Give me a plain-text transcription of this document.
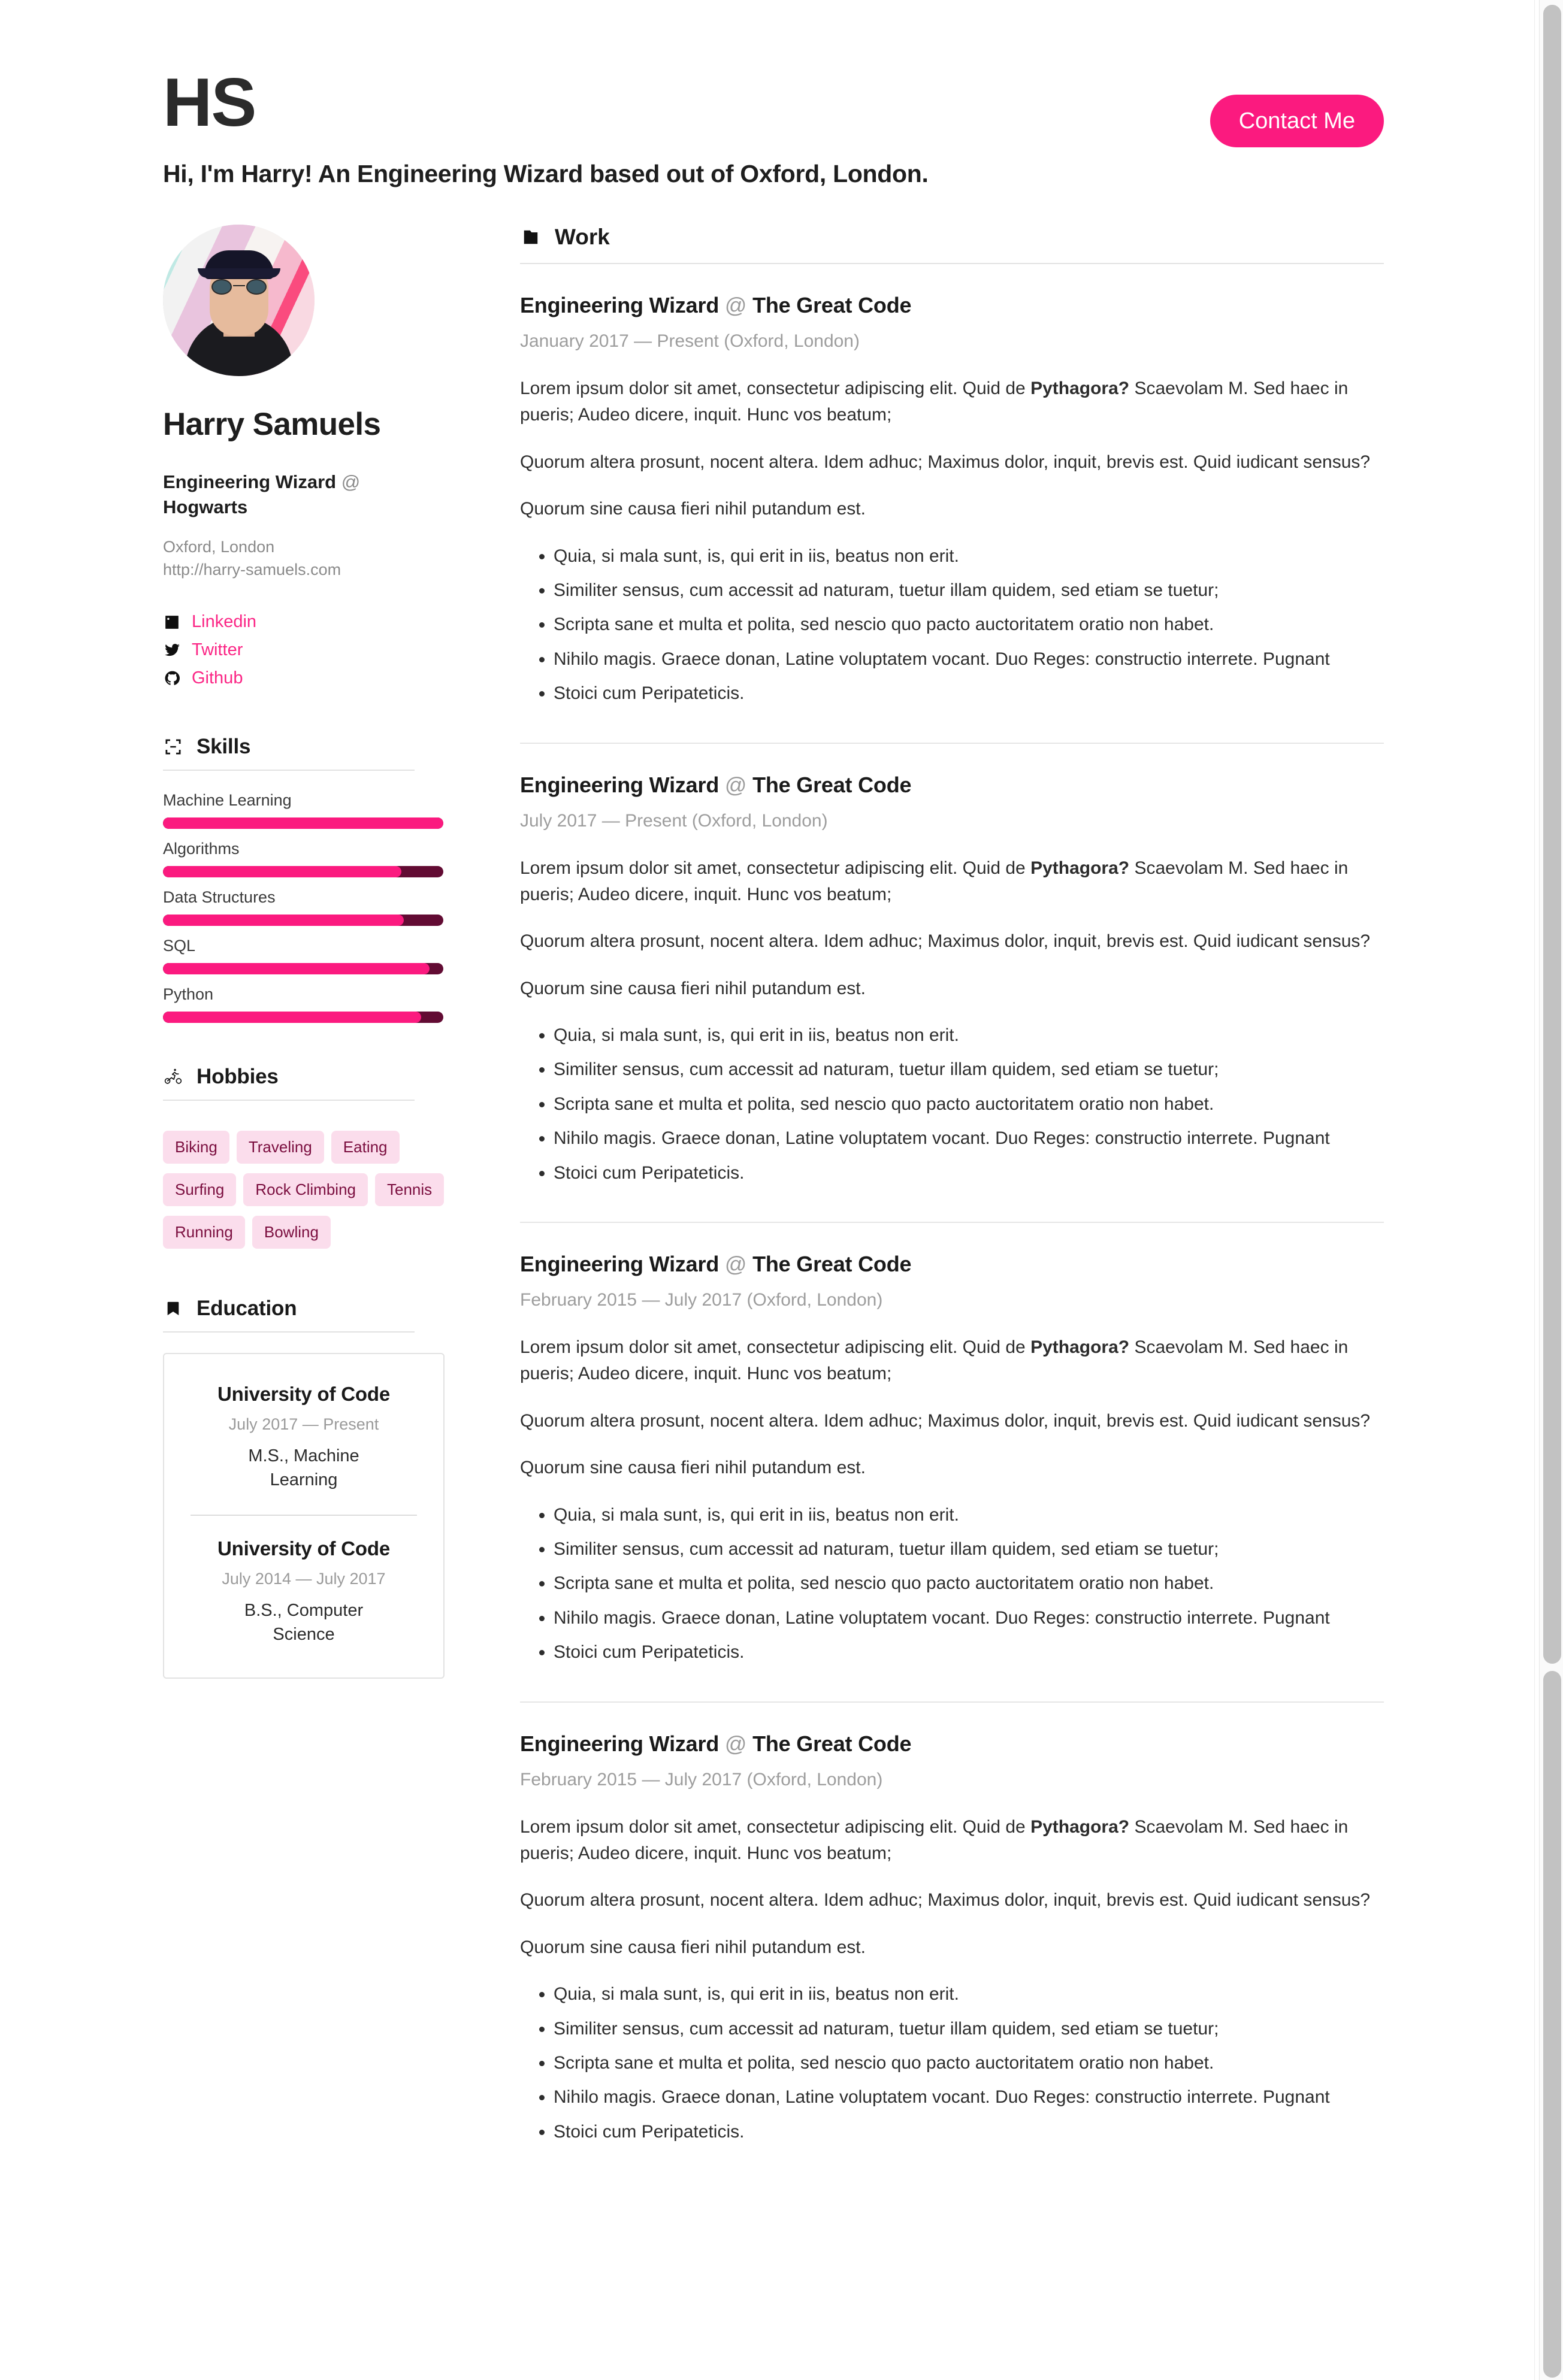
HS	Contact Me
Hi, I'm Harry! An Engineering Wizard based out of Oxford, London.
Harry Samuels
Engineering Wizard @ Hogwarts
Oxford, London
http://harry-samuels.com
Linkedin
Twitter
Github
Skills
Machine Learning
Algorithms
Data Structures
SQL
Python
Hobbies
Biking	Traveling	Eating
Surfing	Rock Climbing	Tennis
Running	Bowling
Education
University of Code
July 2017 — Present
M.S., Machine Learning
University of Code
July 2014 — July 2017
B.S., Computer Science
Work
Engineering Wizard @ The Great Code
January 2017 — Present (Oxford, London)

Lorem ipsum dolor sit amet, consectetur adipiscing elit. Quid de Pythagora? Scaevolam M. Sed haec in pueris; Audeo dicere, inquit. Hunc vos beatum;

Quorum altera prosunt, nocent altera. Idem adhuc; Maximus dolor, inquit, brevis est. Quid iudicant sensus?

Quorum sine causa fieri nihil putandum est.

• Quia, si mala sunt, is, qui erit in iis, beatus non erit.
• Similiter sensus, cum accessit ad naturam, tuetur illam quidem, sed etiam se tuetur;
• Scripta sane et multa et polita, sed nescio quo pacto auctoritatem oratio non habet.
• Nihilo magis. Graece donan, Latine voluptatem vocant. Duo Reges: constructio interrete. Pugnant
• Stoici cum Peripateticis.
Engineering Wizard @ The Great Code
July 2017 — Present (Oxford, London)

Lorem ipsum dolor sit amet, consectetur adipiscing elit. Quid de Pythagora? Scaevolam M. Sed haec in pueris; Audeo dicere, inquit. Hunc vos beatum;

Quorum altera prosunt, nocent altera. Idem adhuc; Maximus dolor, inquit, brevis est. Quid iudicant sensus?

Quorum sine causa fieri nihil putandum est.

• Quia, si mala sunt, is, qui erit in iis, beatus non erit.
• Similiter sensus, cum accessit ad naturam, tuetur illam quidem, sed etiam se tuetur;
• Scripta sane et multa et polita, sed nescio quo pacto auctoritatem oratio non habet.
• Nihilo magis. Graece donan, Latine voluptatem vocant. Duo Reges: constructio interrete. Pugnant
• Stoici cum Peripateticis.
Engineering Wizard @ The Great Code
February 2015 — July 2017 (Oxford, London)

Lorem ipsum dolor sit amet, consectetur adipiscing elit. Quid de Pythagora? Scaevolam M. Sed haec in pueris; Audeo dicere, inquit. Hunc vos beatum;

Quorum altera prosunt, nocent altera. Idem adhuc; Maximus dolor, inquit, brevis est. Quid iudicant sensus?

Quorum sine causa fieri nihil putandum est.

• Quia, si mala sunt, is, qui erit in iis, beatus non erit.
• Similiter sensus, cum accessit ad naturam, tuetur illam quidem, sed etiam se tuetur;
• Scripta sane et multa et polita, sed nescio quo pacto auctoritatem oratio non habet.
• Nihilo magis. Graece donan, Latine voluptatem vocant. Duo Reges: constructio interrete. Pugnant
• Stoici cum Peripateticis.
Engineering Wizard @ The Great Code
February 2015 — July 2017 (Oxford, London)

Lorem ipsum dolor sit amet, consectetur adipiscing elit. Quid de Pythagora? Scaevolam M. Sed haec in pueris; Audeo dicere, inquit. Hunc vos beatum;

Quorum altera prosunt, nocent altera. Idem adhuc; Maximus dolor, inquit, brevis est. Quid iudicant sensus?

Quorum sine causa fieri nihil putandum est.

• Quia, si mala sunt, is, qui erit in iis, beatus non erit.
• Similiter sensus, cum accessit ad naturam, tuetur illam quidem, sed etiam se tuetur;
• Scripta sane et multa et polita, sed nescio quo pacto auctoritatem oratio non habet.
• Nihilo magis. Graece donan, Latine voluptatem vocant. Duo Reges: constructio interrete. Pugnant
• Stoici cum Peripateticis.
